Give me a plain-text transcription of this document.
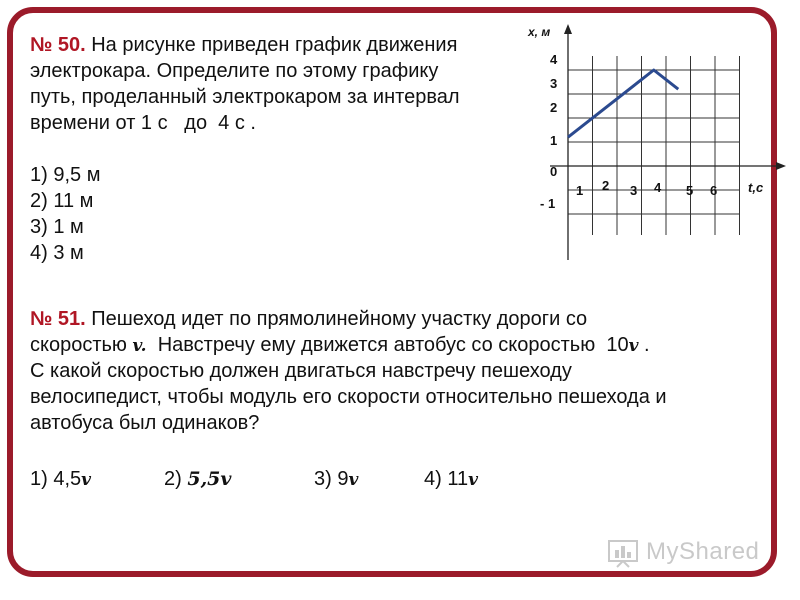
№ 50. На рисунке приведен график движения
электрокара. Определите по этому графику
путь, проделанный электрокаром за интервал
времени от 1 с   до  4 с .
1) 9,5 м
2) 11 м
3) 1 м
4) 3 м
x, м
t,c
4
3
2
1
0
- 1
1 2 3 4 5 6
№ 51. Пешеход идет по прямолинейному участку дороги со
скоростью v.  Навстречу ему движется автобус со скоростью  10v .
С какой скоростью должен двигаться навстречу пешеходу
велосипедист, чтобы модуль его скорости относительно пешехода и
автобуса был одинаков?
1) 4,5v	2) 5,5v	3) 9v	4) 11v
MyShared
